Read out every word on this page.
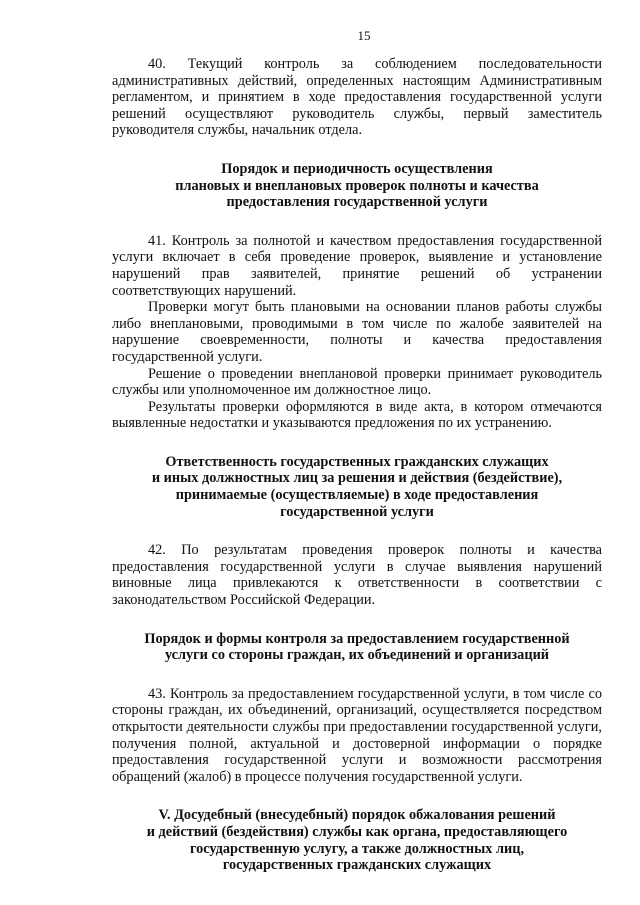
15

40. Текущий контроль за соблюдением последовательности административных действий, определенных настоящим Административным регламентом, и принятием в ходе предоставления государственной услуги решений осуществляют руководитель службы, первый заместитель руководителя службы, начальник отдела.

Порядок и периодичность осуществления
плановых и внеплановых проверок полноты и качества
предоставления государственной услуги

41. Контроль за полнотой и качеством предоставления государственной услуги включает в себя проведение проверок, выявление и установление нарушений прав заявителей, принятие решений об устранении соответствующих нарушений.

Проверки могут быть плановыми на основании планов работы службы либо внеплановыми, проводимыми в том числе по жалобе заявителей на нарушение своевременности, полноты и качества предоставления государственной услуги.

Решение о проведении внеплановой проверки принимает руководитель службы или уполномоченное им должностное лицо.

Результаты проверки оформляются в виде акта, в котором отмечаются выявленные недостатки и указываются предложения по их устранению.

Ответственность государственных гражданских служащих
и иных должностных лиц за решения и действия (бездействие),
принимаемые (осуществляемые) в ходе предоставления
государственной услуги

42. По результатам проведения проверок полноты и качества предоставления государственной услуги в случае выявления нарушений виновные лица привлекаются к ответственности в соответствии с законодательством Российской Федерации.

Порядок и формы контроля за предоставлением государственной
услуги со стороны граждан, их объединений и организаций

43. Контроль за предоставлением государственной услуги, в том числе со стороны граждан, их объединений, организаций, осуществляется посредством открытости деятельности службы при предоставлении государственной услуги, получения полной, актуальной и достоверной информации о порядке предоставления государственной услуги и возможности рассмотрения обращений (жалоб) в процессе получения государственной услуги.

V. Досудебный (внесудебный) порядок обжалования решений
и действий (бездействия) службы как органа, предоставляющего
государственную услугу, а также должностных лиц,
государственных гражданских служащих
